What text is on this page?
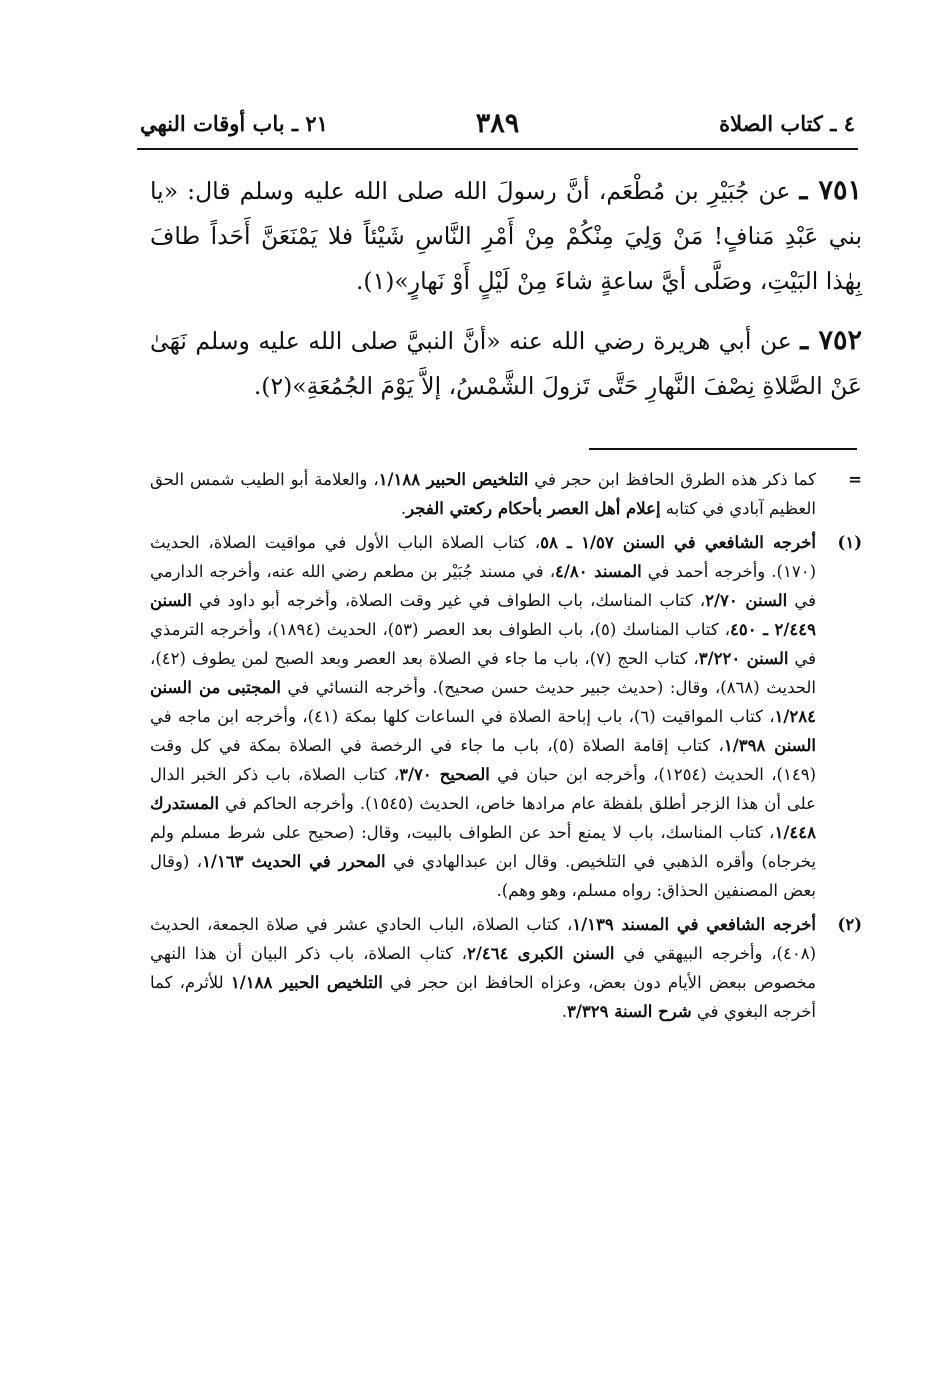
٤ ـ كتاب الصلاة
٣٨٩
٢١ ـ باب أوقات النهي

٧٥١ ـ عن جُبَيْرِ بن مُطْعَم، أنَّ رسولَ الله صلى الله عليه وسلم قال: «يا بني عَبْدِ مَنافٍ! مَنْ وَلِيَ مِنْكُمْ مِنْ أَمْرِ النَّاسِ شَيْئاً فلا يَمْنَعَنَّ أَحَداً طافَ بِهٰذا البَيْتِ، وصَلَّى أيَّ ساعةٍ شاءَ مِنْ لَيْلٍ أَوْ نَهارٍ»(١).

٧٥٢ ـ عن أبي هريرة رضي الله عنه «أنَّ النبيَّ صلى الله عليه وسلم نَهَىٰ عَنْ الصَّلاةِ نِصْفَ النَّهارِ حَتَّى تَزولَ الشَّمْسُ، إلاَّ يَوْمَ الجُمُعَةِ»(٢).

=
كما ذكر هذه الطرق الحافظ ابن حجر في التلخيص الحبير ١/١٨٨، والعلامة أبو الطيب شمس الحق العظيم آبادي في كتابه إعلام أهل العصر بأحكام ركعتي الفجر.

(١)
أخرجه الشافعي في السنن ١/٥٧ ـ ٥٨، كتاب الصلاة الباب الأول في مواقيت الصلاة، الحديث (١٧٠). وأخرجه أحمد في المسند ٤/٨٠، في مسند جُبَيْر بن مطعم رضي الله عنه، وأخرجه الدارمي في السنن ٢/٧٠، كتاب المناسك، باب الطواف في غير وقت الصلاة، وأخرجه أبو داود في السنن ٢/٤٤٩ ـ ٤٥٠، كتاب المناسك (٥)، باب الطواف بعد العصر (٥٣)، الحديث (١٨٩٤)، وأخرجه الترمذي في السنن ٣/٢٢٠، كتاب الحج (٧)، باب ما جاء في الصلاة بعد العصر وبعد الصبح لمن يطوف (٤٢)، الحديث (٨٦٨)، وقال: (حديث جبير حديث حسن صحيح). وأخرجه النسائي في المجتبى من السنن ١/٢٨٤، كتاب المواقيت (٦)، باب إباحة الصلاة في الساعات كلها بمكة (٤١)، وأخرجه ابن ماجه في السنن ١/٣٩٨، كتاب إقامة الصلاة (٥)، باب ما جاء في الرخصة في الصلاة بمكة في كل وقت (١٤٩)، الحديث (١٢٥٤)، وأخرجه ابن حبان في الصحيح ٣/٧٠، كتاب الصلاة، باب ذكر الخبر الدال على أن هذا الزجر أطلق بلفظة عام مرادها خاص، الحديث (١٥٤٥). وأخرجه الحاكم في المستدرك ١/٤٤٨، كتاب المناسك، باب لا يمنع أحد عن الطواف بالبيت، وقال: (صحيح على شرط مسلم ولم يخرجاه) وأقره الذهبي في التلخيص. وقال ابن عبدالهادي في المحرر في الحديث ١/١٦٣، (وقال بعض المصنفين الحذاق: رواه مسلم، وهو وهم).

(٢)
أخرجه الشافعي في المسند ١/١٣٩، كتاب الصلاة، الباب الحادي عشر في صلاة الجمعة، الحديث (٤٠٨)، وأخرجه البيهقي في السنن الكبرى ٢/٤٦٤، كتاب الصلاة، باب ذكر البيان أن هذا النهي مخصوص ببعض الأيام دون بعض، وعزاه الحافظ ابن حجر في التلخيص الحبير ١/١٨٨ للأثرم، كما أخرجه البغوي في شرح السنة ٣/٣٢٩.
